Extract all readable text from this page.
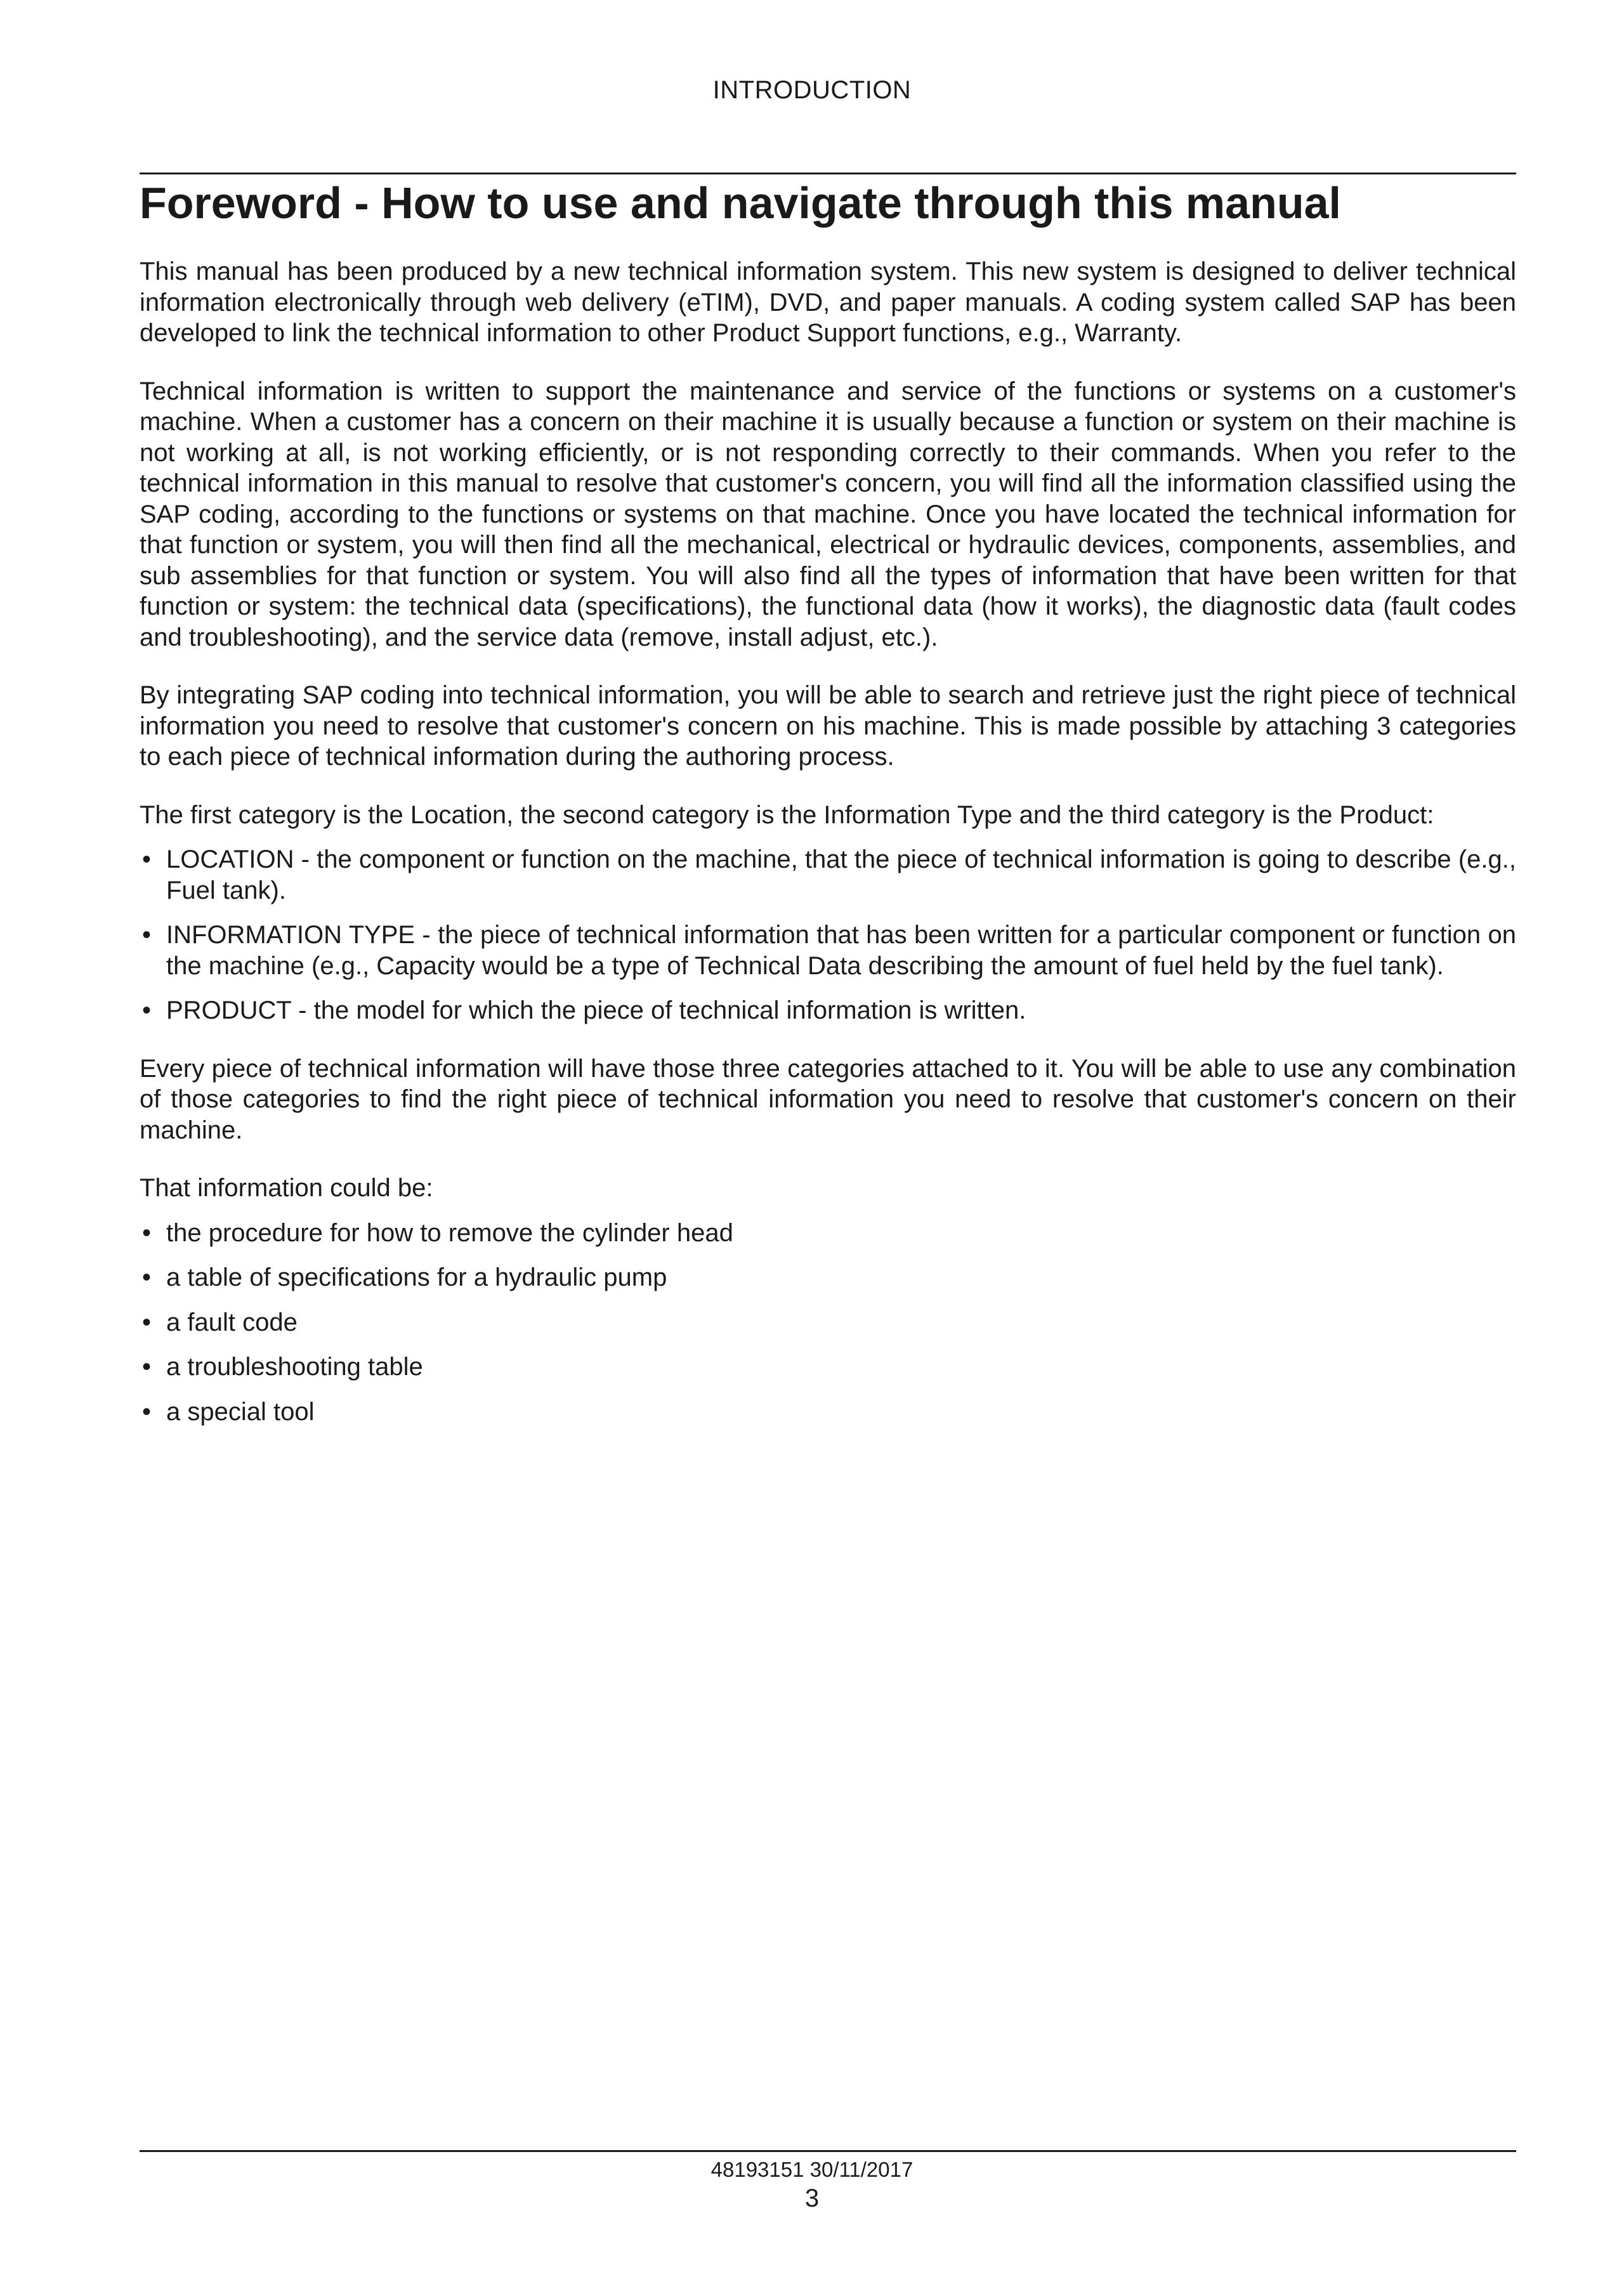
INTRODUCTION
Foreword - How to use and navigate through this manual

This manual has been produced by a new technical information system. This new system is designed to deliver technical information electronically through web delivery (eTIM), DVD, and paper manuals. A coding system called SAP has been developed to link the technical information to other Product Support functions, e.g., Warranty.

Technical information is written to support the maintenance and service of the functions or systems on a customer's machine. When a customer has a concern on their machine it is usually because a function or system on their machine is not working at all, is not working efficiently, or is not responding correctly to their commands. When you refer to the technical information in this manual to resolve that customer's concern, you will find all the information classified using the SAP coding, according to the functions or systems on that machine. Once you have located the technical information for that function or system, you will then find all the mechanical, electrical or hydraulic devices, components, assemblies, and sub assemblies for that function or system. You will also find all the types of information that have been written for that function or system: the technical data (specifications), the functional data (how it works), the diagnostic data (fault codes and troubleshooting), and the service data (remove, install adjust, etc.).

By integrating SAP coding into technical information, you will be able to search and retrieve just the right piece of technical information you need to resolve that customer's concern on his machine. This is made possible by attaching 3 categories to each piece of technical information during the authoring process.

The first category is the Location, the second category is the Information Type and the third category is the Product:

• LOCATION - the component or function on the machine, that the piece of technical information is going to describe (e.g., Fuel tank).
• INFORMATION TYPE - the piece of technical information that has been written for a particular component or function on the machine (e.g., Capacity would be a type of Technical Data describing the amount of fuel held by the fuel tank).
• PRODUCT - the model for which the piece of technical information is written.

Every piece of technical information will have those three categories attached to it. You will be able to use any combination of those categories to find the right piece of technical information you need to resolve that customer's concern on their machine.

That information could be:

• the procedure for how to remove the cylinder head
• a table of specifications for a hydraulic pump
• a fault code
• a troubleshooting table
• a special tool
48193151 30/11/2017
3
